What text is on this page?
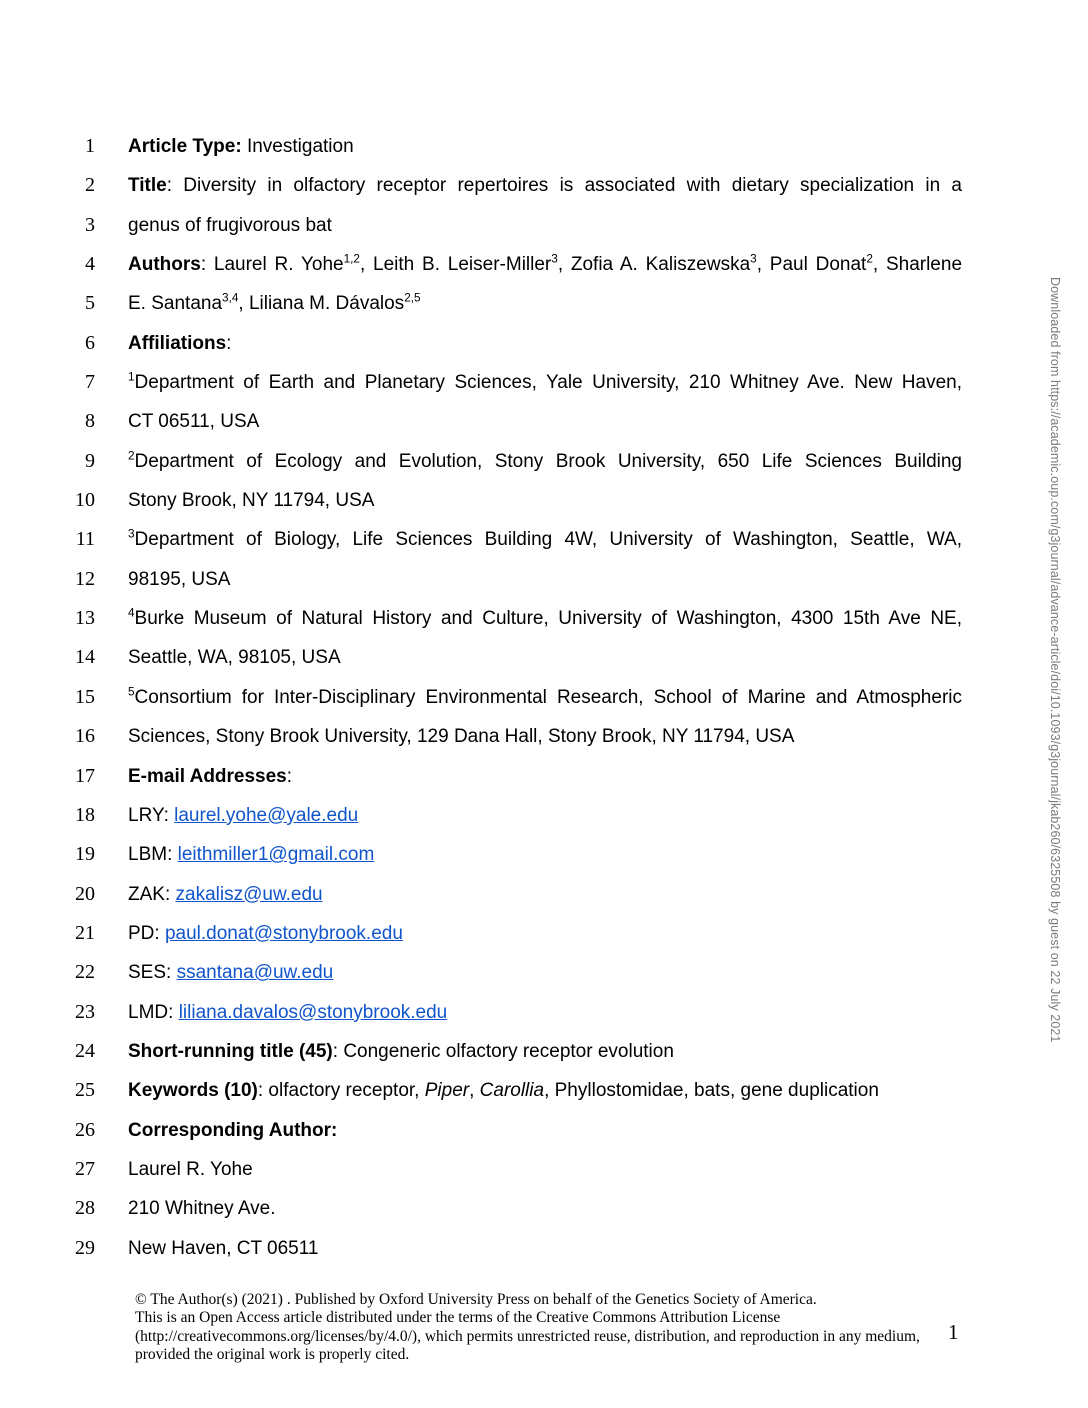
1 Article Type: Investigation
2 Title: Diversity in olfactory receptor repertoires is associated with dietary specialization in a
3 genus of frugivorous bat
4 Authors: Laurel R. Yohe$^{1,2}$, Leith B. Leiser-Miller$^3$, Zofia A. Kaliszewska$^3$, Paul Donat$^2$, Sharlene
5 E. Santana$^{3,4}$, Liliana M. Dávalos$^{2,5}$
6 Affiliations:
7	$^1$Department of Earth and Planetary Sciences, Yale University, 210 Whitney Ave. New Haven,
8 CT 06511, USA
9	$^2$Department of Ecology and Evolution, Stony Brook University, 650 Life Sciences Building
10 Stony Brook, NY 11794, USA
11	$^3$Department of Biology, Life Sciences Building 4W, University of Washington, Seattle, WA,
12 98195, USA
13	$^4$Burke Museum of Natural History and Culture, University of Washington, 4300 15th Ave NE,
14 Seattle, WA, 98105, USA
15	$^5$Consortium for Inter-Disciplinary Environmental Research, School of Marine and Atmospheric
16 Sciences, Stony Brook University, 129 Dana Hall, Stony Brook, NY 11794, USA
17 E-mail Addresses:
18 LRY: laurel.yohe@yale.edu
19 LBM: leithmiller1@gmail.com
20 ZAK: zakalisz@uw.edu
21 PD: paul.donat@stonybrook.edu
22 SES: ssantana@uw.edu
23 LMD: liliana.davalos@stonybrook.edu
24 Short-running title (45): Congeneric olfactory receptor evolution
25 Keywords (10): olfactory receptor, Piper, Carollia, Phyllostomidae, bats, gene duplication
26 Corresponding Author:
27 Laurel R. Yohe
28 210 Whitney Ave.
29 New Haven, CT 06511
© The Author(s) (2021) . Published by Oxford University Press on behalf of the Genetics Society of America.
This is an Open Access article distributed under the terms of the Creative Commons Attribution License
(http://creativecommons.org/licenses/by/4.0/), which permits unrestricted reuse, distribution, and reproduction in any medium,
provided the original work is properly cited.
1
Downloaded from https://academic.oup.com/g3journal/advance-article/doi/10.1093/g3journal/jkab260/6325508 by guest on 22 July 2021
